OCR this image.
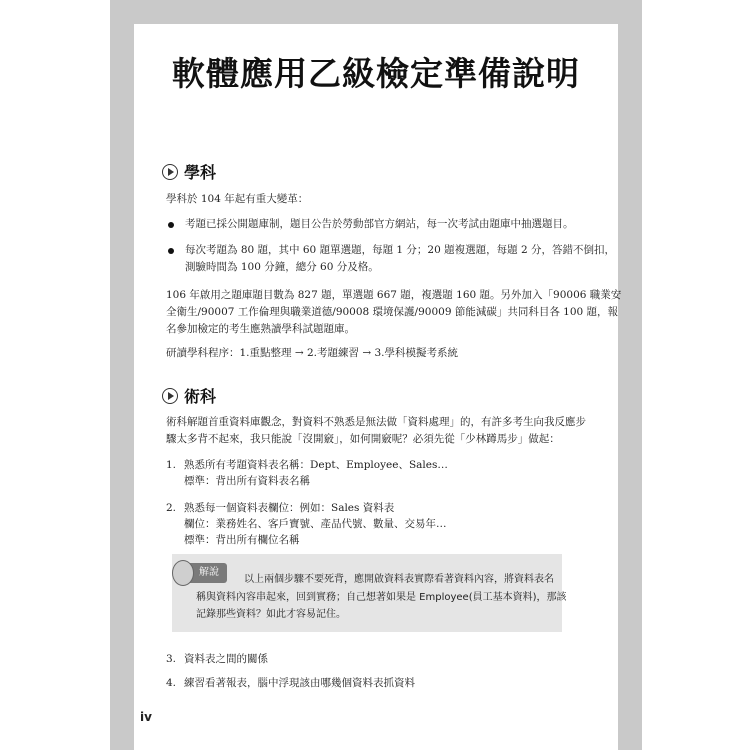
軟體應用乙級檢定準備說明
學科
學科於 104 年起有重大變革：
考題已採公開題庫制，題目公告於勞動部官方網站，每一次考試由題庫中抽選題目。
每次考題為 80 題，其中 60 題單選題，每題 1 分；20 題複選題，每題 2 分，答錯不倒扣，
測驗時間為 100 分鐘，總分 60 分及格。
106 年啟用之題庫題目數為 827 題，單選題 667 題，複選題 160 題。另外加入「90006 職業安
全衛生/90007 工作倫理與職業道德/90008 環境保護/90009 節能減碳」共同科目各 100 題，報
名參加檢定的考生應熟讀學科試題題庫。
研讀學科程序：1.重點整理 → 2.考題練習 → 3.學科模擬考系統
術科
術科解題首重資料庫觀念，對資料不熟悉是無法做「資料處理」的，有許多考生向我反應步
驟太多背不起來，我只能說「沒開竅」，如何開竅呢？必須先從「少林蹲馬步」做起：
1. 熟悉所有考題資料表名稱：Dept、Employee、Sales…
標準：背出所有資料表名稱
2. 熟悉每一個資料表欄位：例如：Sales 資料表
欄位：業務姓名、客戶寶號、產品代號、數量、交易年…
標準：背出所有欄位名稱
解說
以上兩個步驟不要死背，應開啟資料表實際看著資料內容，將資料表名
稱與資料內容串起來，回到實務；自己想著如果是 Employee(員工基本資料)，那該
記錄那些資料？如此才容易記住。
3. 資料表之間的關係
4. 練習看著報表，腦中浮現該由哪幾個資料表抓資料
iv
